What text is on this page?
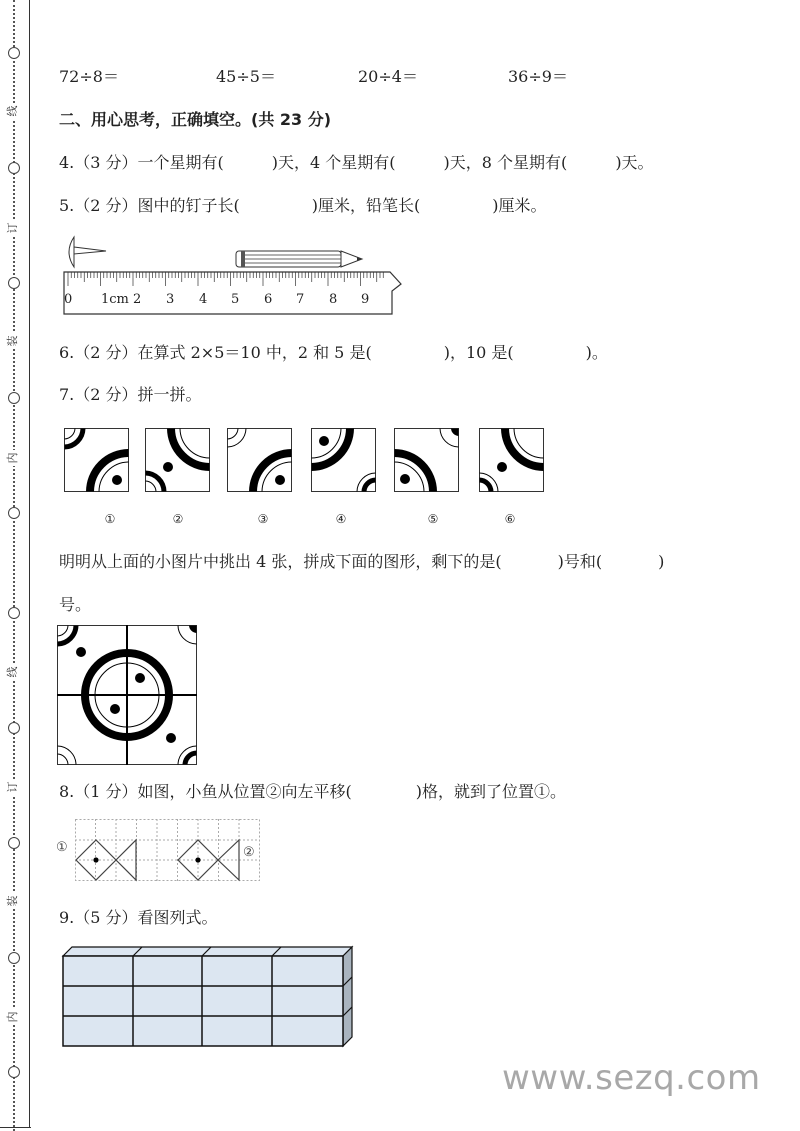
线
订
装
内
线
订
装
内
72÷8＝	45÷5＝	20÷4＝	36÷9＝
二、用心思考，正确填空。(共 23 分)
4.（3 分）一个星期有(	)天，4 个星期有(	)天，8 个星期有(	)天。
5.（2 分）图中的钉子长(	)厘米，铅笔长(	)厘米。
0 1cm 2 3 4 5 6 7 8 9
6.（2 分）在算式 2×5＝10 中，2 和 5 是(	)，10 是(	)。
7.（2 分）拼一拼。
①	②	③	④	⑤	⑥
明明从上面的小图片中挑出 4 张，拼成下面的图形，剩下的是(	)号和(	)
号。
8.（1 分）如图，小鱼从位置②向左平移(	)格，就到了位置①。
①	②
9.（5 分）看图列式。
www.sezq.com
